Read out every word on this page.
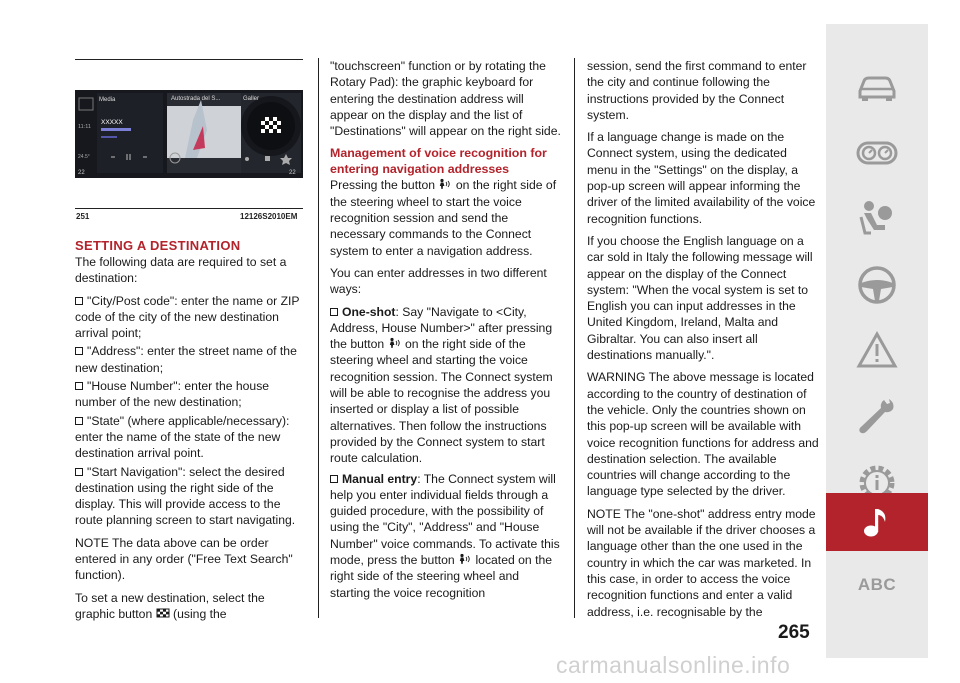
Media
XXXXX
Autostrada del S...	Galler
11:11
24.5°
22	22
251	12126S2010EM
SETTING A DESTINATION

The following data are required to set a destination:

"City/Post code": enter the name or ZIP code of the city of the new destination arrival point;
"Address": enter the street name of the new destination;
"House Number": enter the house number of the new destination;
"State" (where applicable/necessary): enter the name of the state of the new destination arrival point.
"Start Navigation": select the desired destination using the right side of the display. This will provide access to the route planning screen to start navigating.

NOTE The data above can be order entered in any order ("Free Text Search" function).

To set a new destination, select the graphic button (using the

"touchscreen" function or by rotating the Rotary Pad): the graphic keyboard for entering the destination address will appear on the display and the list of "Destinations" will appear on the right side.

Management of voice recognition for entering navigation addresses

Pressing the button on the right side of the steering wheel to start the voice recognition session and send the necessary commands to the Connect system to enter a navigation address.

You can enter addresses in two different ways:

One-shot: Say "Navigate to <City, Address, House Number>" after pressing the button on the right side of the steering wheel and starting the voice recognition session. The Connect system will be able to recognise the address you inserted or display a list of possible alternatives. Then follow the instructions provided by the Connect system to start route calculation.
Manual entry: The Connect system will help you enter individual fields through a guided procedure, with the possibility of using the "City", "Address" and "House Number" voice commands. To activate this mode, press the button located on the right side of the steering wheel and starting the voice recognition

session, send the first command to enter the city and continue following the instructions provided by the Connect system.

If a language change is made on the Connect system, using the dedicated menu in the "Settings" on the display, a pop-up screen will appear informing the driver of the limited availability of the voice recognition functions.

If you choose the English language on a car sold in Italy the following message will appear on the display of the Connect system: "When the vocal system is set to English you can input addresses in the United Kingdom, Ireland, Malta and Gibraltar. You can also insert all destinations manually.".

WARNING The above message is located according to the country of destination of the vehicle. Only the countries shown on this pop-up screen will be available with voice recognition functions for address and destination selection. The available countries will change according to the language type selected by the driver.

NOTE The "one-shot" address entry mode will not be available if the driver chooses a language other than the one used in the country in which the car was marketed. In this case, in order to access the voice recognition functions and enter a valid address, i.e. recognisable by the

265
carmanualsonline.info
ABC
